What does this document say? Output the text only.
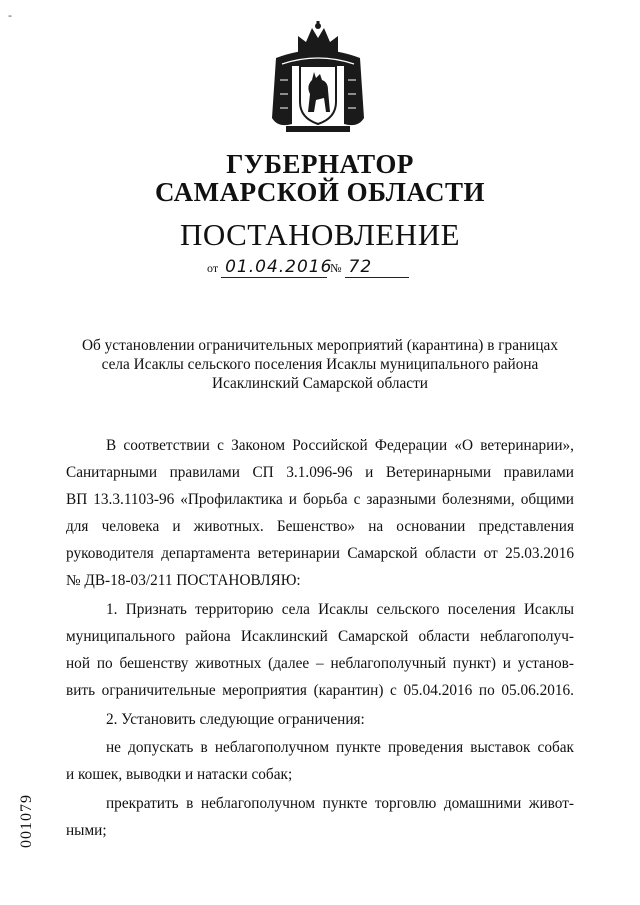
-
ГУБЕРНАТОР
САМАРСКОЙ ОБЛАСТИ
ПОСТАНОВЛЕНИЕ
от 01.04.2016 № 72
Об установлении ограничительных мероприятий (карантина) в границах
села Исаклы сельского поселения Исаклы муниципального района
Исаклинский Самарской области
В соответствии с Законом Российской Федерации «О ветеринарии»,
Санитарными правилами СП 3.1.096-96 и Ветеринарными правилами
ВП 13.3.1103-96 «Профилактика и борьба с заразными болезнями, общими
для человека и животных. Бешенство» на основании представления
руководителя департамента ветеринарии Самарской области от 25.03.2016
№ ДВ-18-03/211 ПОСТАНОВЛЯЮ:
1. Признать территорию села Исаклы сельского поселения Исаклы
муниципального района Исаклинский Самарской области неблагополуч-
ной по бешенству животных (далее – неблагополучный пункт) и установ-
вить ограничительные мероприятия (карантин) с 05.04.2016 по 05.06.2016.
2. Установить следующие ограничения:
не допускать в неблагополучном пункте проведения выставок собак
и кошек, выводки и натаски собак;
прекратить в неблагополучном пункте торговлю домашними живот-
ными;
001079
